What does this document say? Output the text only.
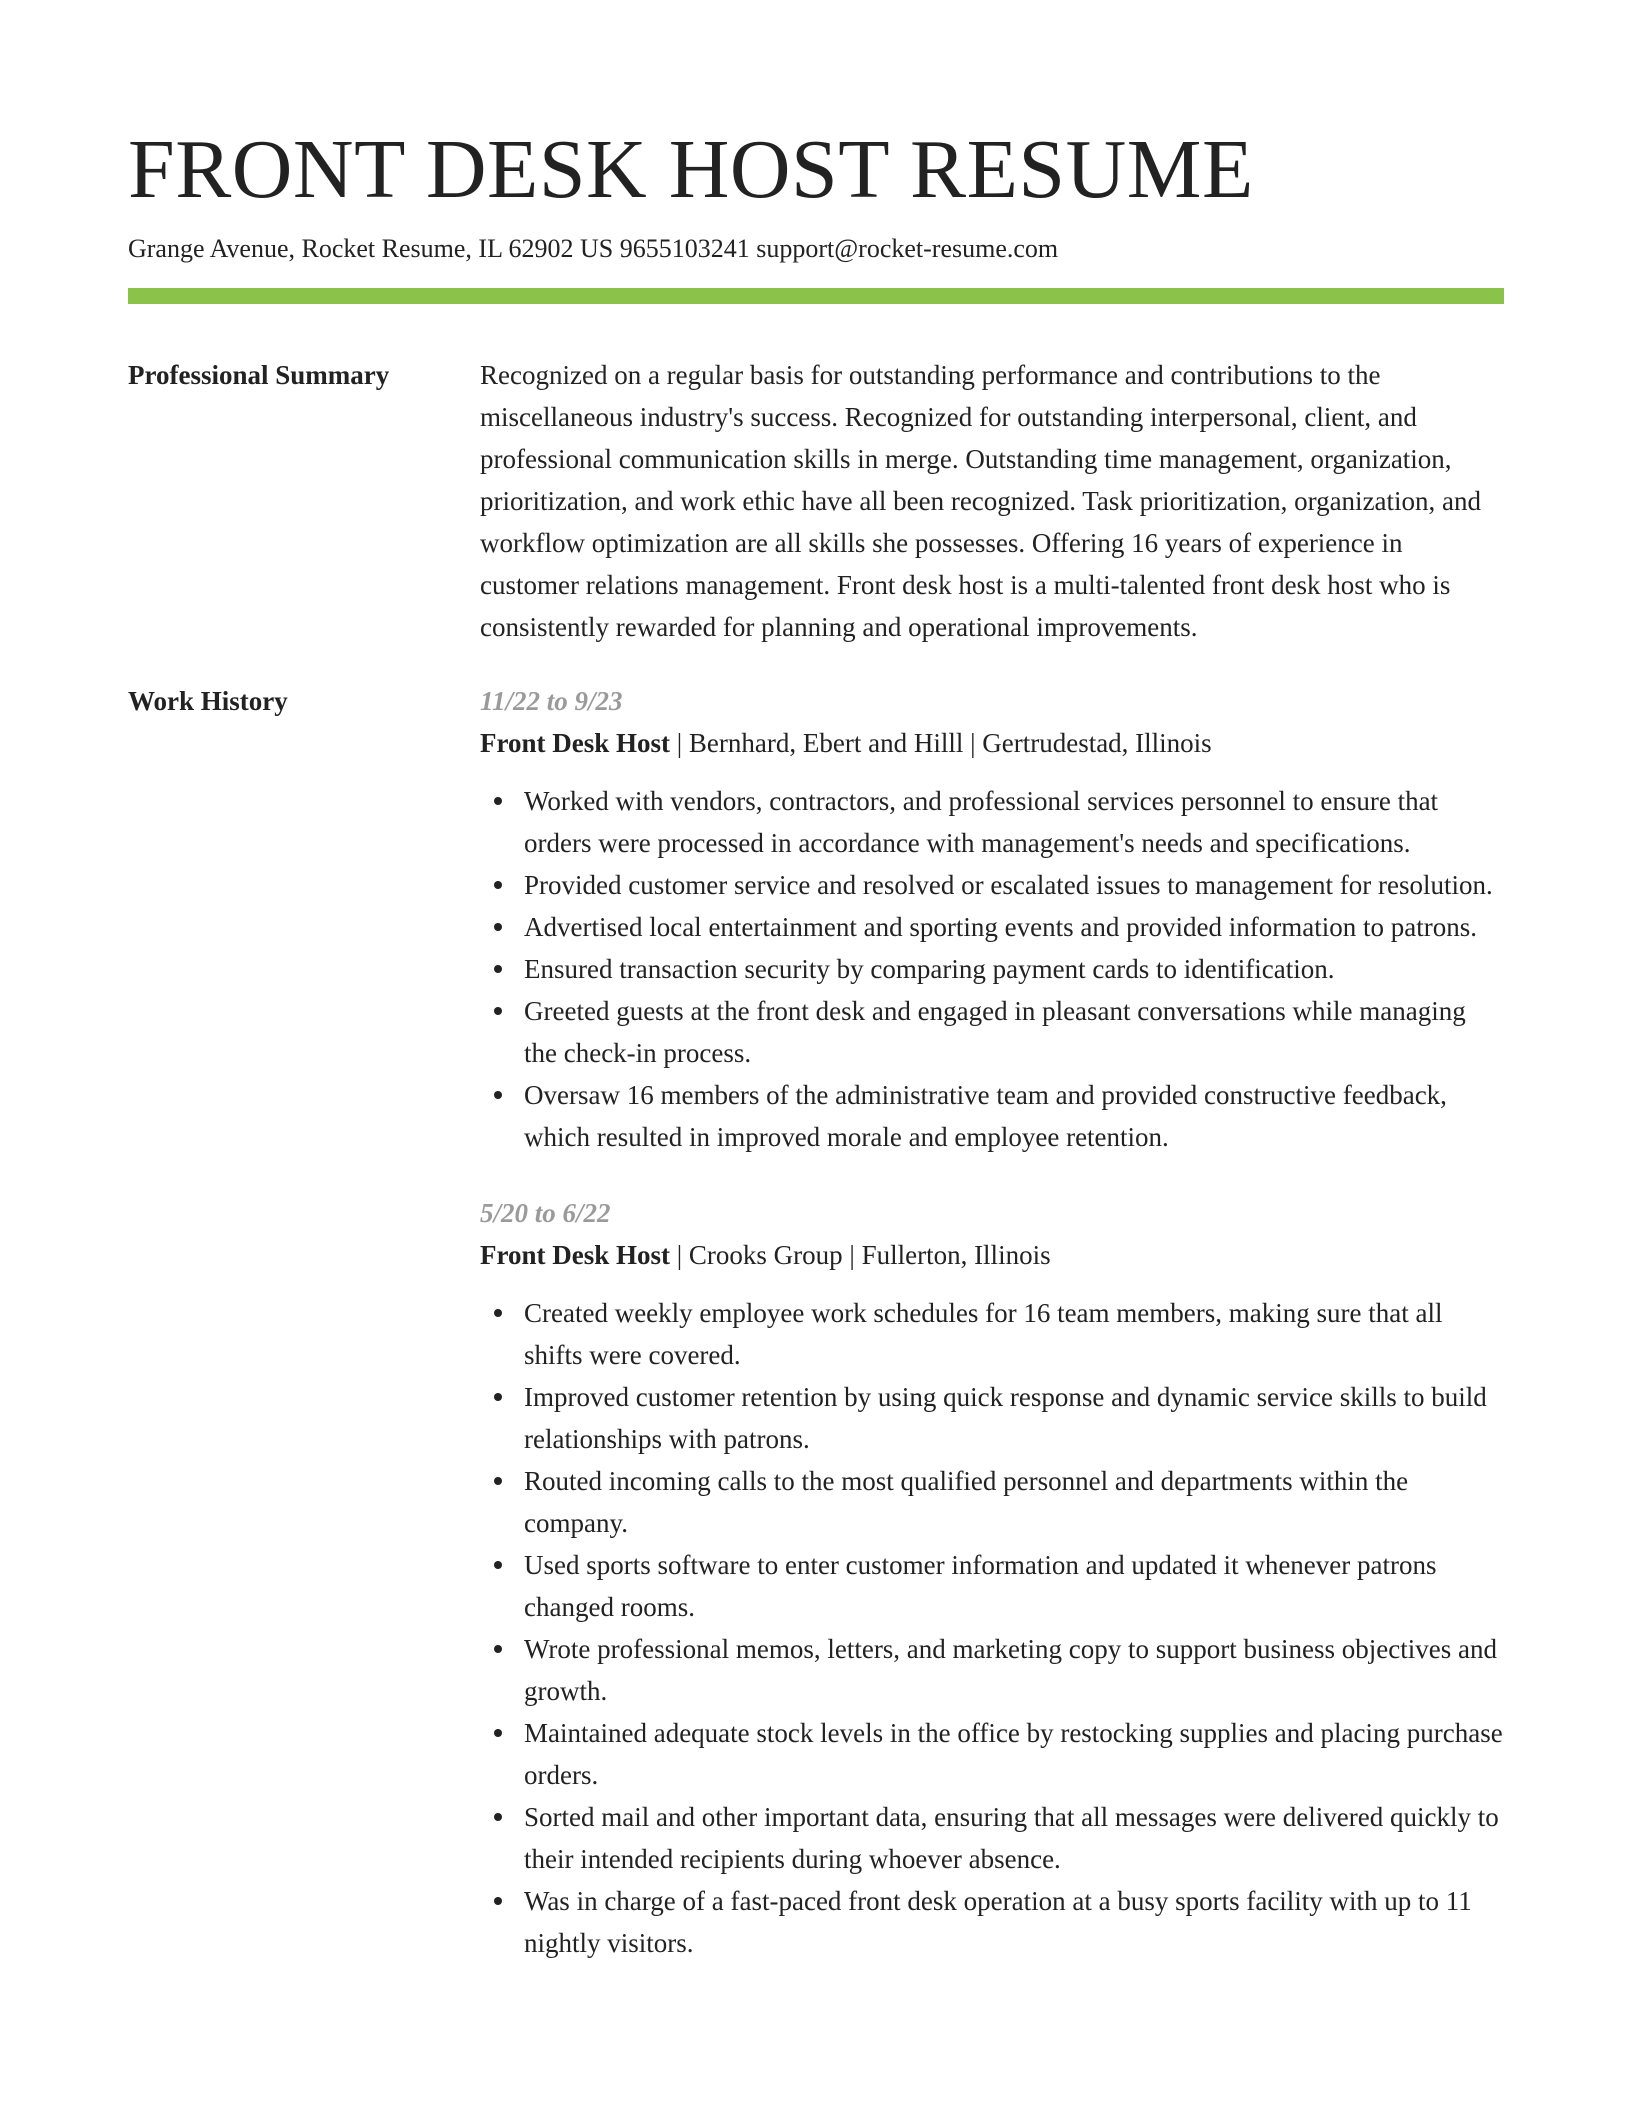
FRONT DESK HOST RESUME
Grange Avenue, Rocket Resume, IL 62902 US 9655103241 support@rocket-resume.com
Professional Summary	Recognized on a regular basis for outstanding performance and contributions to the miscellaneous industry's success. Recognized for outstanding interpersonal, client, and professional communication skills in merge. Outstanding time management, organization, prioritization, and work ethic have all been recognized. Task prioritization, organization, and workflow optimization are all skills she possesses. Offering 16 years of experience in customer relations management. Front desk host is a multi-talented front desk host who is consistently rewarded for planning and operational improvements.

Work History	11/22 to 9/23
Front Desk Host | Bernhard, Ebert and Hilll | Gertrudestad, Illinois
Worked with vendors, contractors, and professional services personnel to ensure that orders were processed in accordance with management's needs and specifications.
Provided customer service and resolved or escalated issues to management for resolution.
Advertised local entertainment and sporting events and provided information to patrons.
Ensured transaction security by comparing payment cards to identification.
Greeted guests at the front desk and engaged in pleasant conversations while managing the check-in process.
Oversaw 16 members of the administrative team and provided constructive feedback, which resulted in improved morale and employee retention.
5/20 to 6/22
Front Desk Host | Crooks Group | Fullerton, Illinois
Created weekly employee work schedules for 16 team members, making sure that all shifts were covered.
Improved customer retention by using quick response and dynamic service skills to build relationships with patrons.
Routed incoming calls to the most qualified personnel and departments within the company.
Used sports software to enter customer information and updated it whenever patrons changed rooms.
Wrote professional memos, letters, and marketing copy to support business objectives and growth.
Maintained adequate stock levels in the office by restocking supplies and placing purchase orders.
Sorted mail and other important data, ensuring that all messages were delivered quickly to their intended recipients during whoever absence.
Was in charge of a fast-paced front desk operation at a busy sports facility with up to 11 nightly visitors.
